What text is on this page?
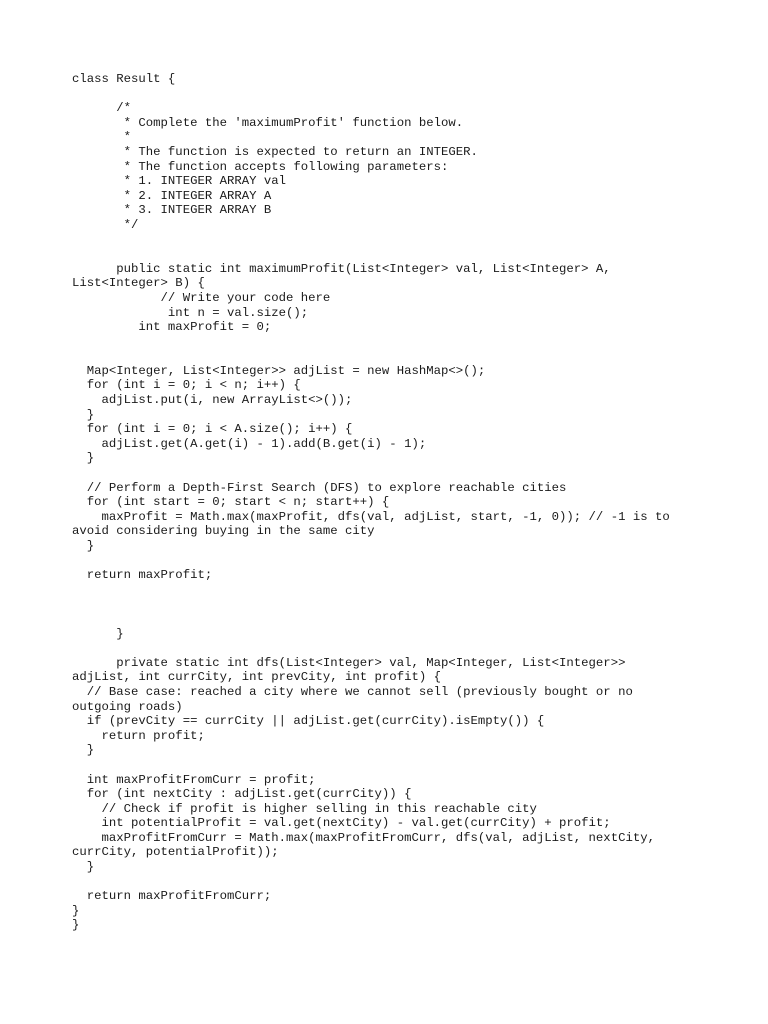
class Result {
/*
* Complete the 'maximumProfit' function below.
*
* The function is expected to return an INTEGER.
* The function accepts following parameters:
* 1. INTEGER ARRAY val
* 2. INTEGER ARRAY A
* 3. INTEGER ARRAY B
*/
public static int maximumProfit(List<Integer> val, List<Integer> A,
List<Integer> B) {
// Write your code here
int n = val.size();
int maxProfit = 0;
Map<Integer, List<Integer>> adjList = new HashMap<>();
for (int i = 0; i < n; i++) {
adjList.put(i, new ArrayList<>());
}
for (int i = 0; i < A.size(); i++) {
adjList.get(A.get(i) - 1).add(B.get(i) - 1);
}
// Perform a Depth-First Search (DFS) to explore reachable cities
for (int start = 0; start < n; start++) {
maxProfit = Math.max(maxProfit, dfs(val, adjList, start, -1, 0)); // -1 is to
avoid considering buying in the same city
}
return maxProfit;
}
private static int dfs(List<Integer> val, Map<Integer, List<Integer>>
adjList, int currCity, int prevCity, int profit) {
// Base case: reached a city where we cannot sell (previously bought or no
outgoing roads)
if (prevCity == currCity || adjList.get(currCity).isEmpty()) {
return profit;
}
int maxProfitFromCurr = profit;
for (int nextCity : adjList.get(currCity)) {
// Check if profit is higher selling in this reachable city
int potentialProfit = val.get(nextCity) - val.get(currCity) + profit;
maxProfitFromCurr = Math.max(maxProfitFromCurr, dfs(val, adjList, nextCity,
currCity, potentialProfit));
}
return maxProfitFromCurr;
}
}
